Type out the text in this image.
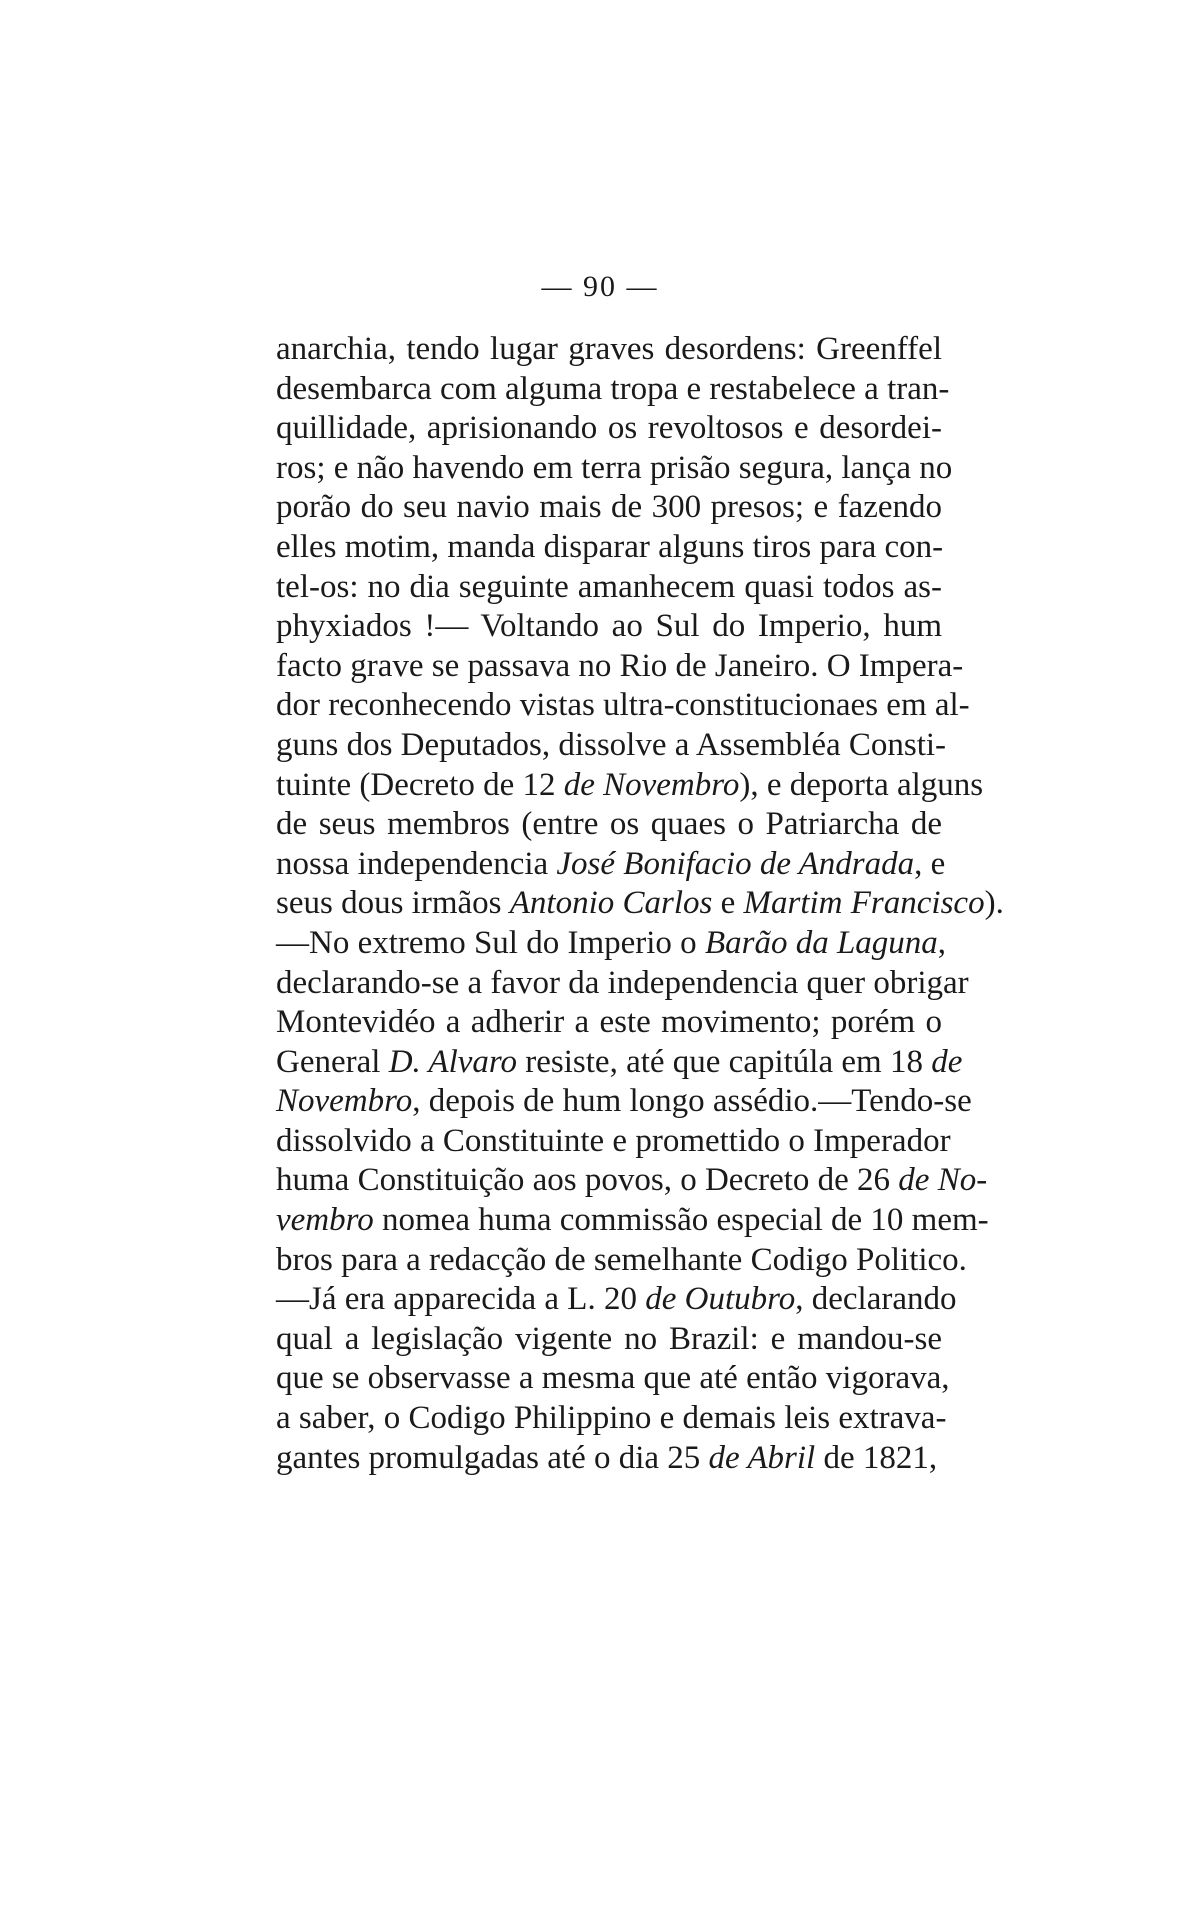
— 90 —
anarchia, tendo lugar graves desordens: Greenffel
desembarca com alguma tropa e restabelece a tran-
quillidade, aprisionando os revoltosos e desordei-
ros; e não havendo em terra prisão segura, lança no
porão do seu navio mais de 300 presos; e fazendo
elles motim, manda disparar alguns tiros para con-
tel-os: no dia seguinte amanhecem quasi todos as-
phyxiados !— Voltando ao Sul do Imperio, hum
facto grave se passava no Rio de Janeiro. O Impera-
dor reconhecendo vistas ultra-constitucionaes em al-
guns dos Deputados, dissolve a Assembléa Consti-
tuinte (Decreto de 12 de Novembro), e deporta alguns
de seus membros (entre os quaes o Patriarcha de
nossa independencia José Bonifacio de Andrada, e
seus dous irmãos Antonio Carlos e Martim Francisco).
—No extremo Sul do Imperio o Barão da Laguna,
declarando-se a favor da independencia quer obrigar
Montevidéo a adherir a este movimento; porém o
General D. Alvaro resiste, até que capitúla em 18 de
Novembro, depois de hum longo assédio.—Tendo-se
dissolvido a Constituinte e promettido o Imperador
huma Constituição aos povos, o Decreto de 26 de No-
vembro nomea huma commissão especial de 10 mem-
bros para a redacção de semelhante Codigo Politico.
—Já era apparecida a L. 20 de Outubro, declarando
qual a legislação vigente no Brazil: e mandou-se
que se observasse a mesma que até então vigorava,
a saber, o Codigo Philippino e demais leis extrava-
gantes promulgadas até o dia 25 de Abril de 1821,
